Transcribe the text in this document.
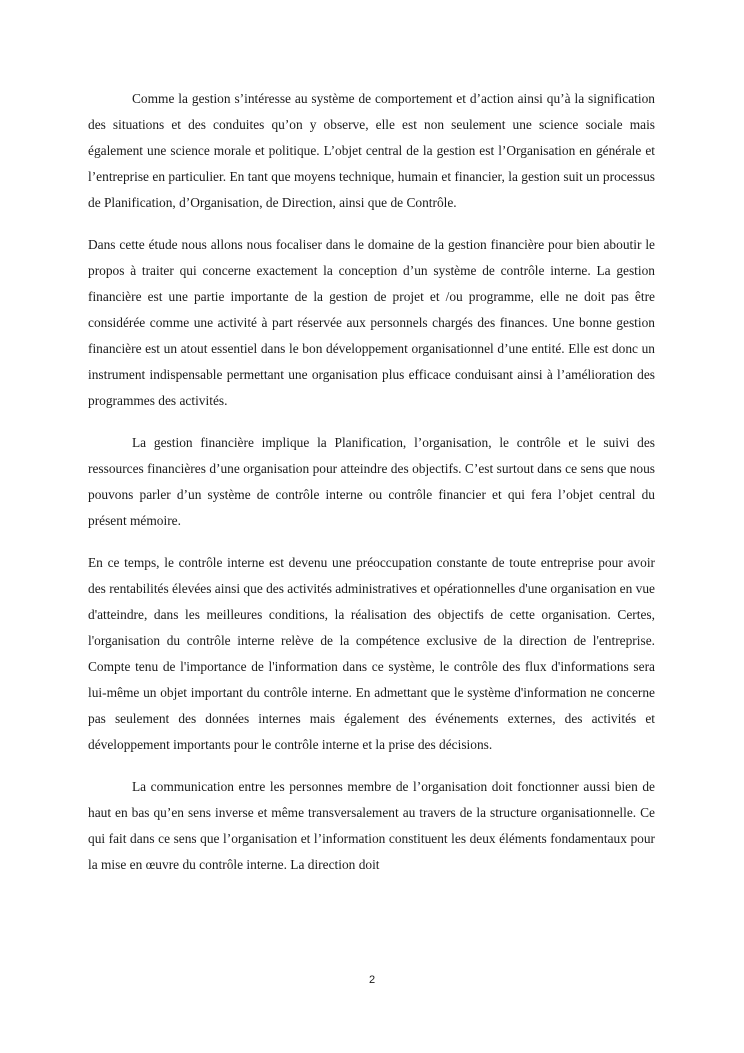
Comme la gestion s’intéresse au système de comportement et d’action ainsi qu’à la signification des situations et des conduites qu’on y observe, elle est non seulement une science sociale mais également une science morale et politique. L’objet central de la gestion est l’Organisation en générale et l’entreprise en particulier. En tant que moyens technique, humain et financier, la gestion suit un processus de Planification, d’Organisation, de Direction, ainsi que de Contrôle.

Dans cette étude nous allons nous focaliser dans le domaine de la gestion financière pour bien aboutir le propos à traiter qui concerne exactement la conception d’un système de contrôle interne. La gestion financière est une partie importante de la gestion de projet et /ou programme, elle ne doit pas être considérée comme une activité à part réservée aux personnels chargés des finances. Une bonne gestion financière est un atout essentiel dans le bon développement organisationnel d’une entité. Elle est donc un instrument indispensable permettant une organisation plus efficace conduisant ainsi à l’amélioration des programmes des activités.

La gestion financière implique la Planification, l’organisation, le contrôle et le suivi des ressources financières d’une organisation pour atteindre des objectifs. C’est surtout dans ce sens que nous pouvons parler d’un système de contrôle interne ou contrôle financier et qui fera l’objet central du présent mémoire.

En ce temps, le contrôle interne est devenu une préoccupation constante de toute entreprise pour avoir des rentabilités élevées ainsi que des activités administratives et opérationnelles d'une organisation en vue d'atteindre, dans les meilleures conditions, la réalisation des objectifs de cette organisation. Certes, l'organisation du contrôle interne relève de la compétence exclusive de la direction de l'entreprise. Compte tenu de l'importance de l'information dans ce système, le contrôle des flux d'informations sera lui-même un objet important du contrôle interne. En admettant que le système d'information ne concerne pas seulement des données internes mais également des événements externes, des activités et développement importants pour le contrôle interne et la prise des décisions.

La communication entre les personnes membre de l’organisation doit fonctionner aussi bien de haut en bas qu’en sens inverse et même transversalement au travers de la structure organisationnelle. Ce qui fait dans ce sens que l’organisation et l’information constituent les deux éléments fondamentaux pour la mise en œuvre du contrôle interne. La direction doit

2
